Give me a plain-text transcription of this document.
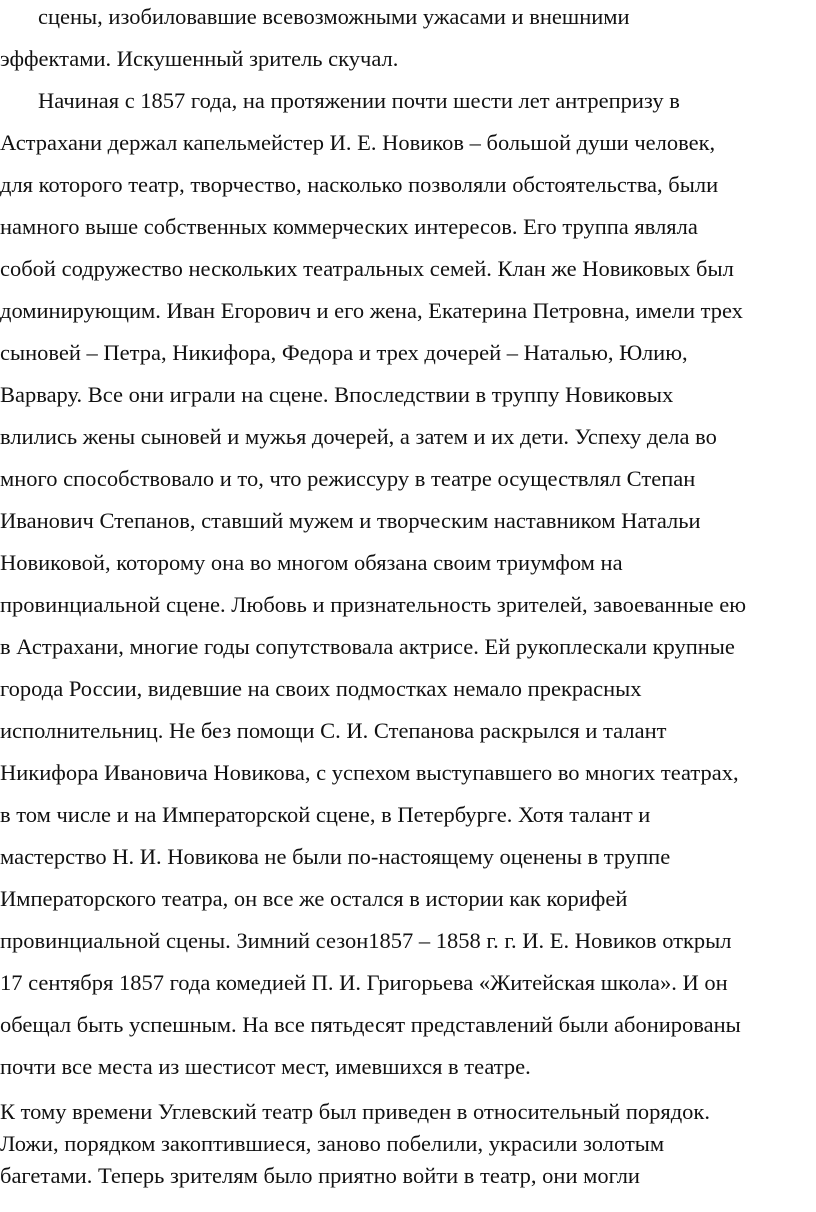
сцены, изобиловавшие всевозможными ужасами и внешними
эффектами. Искушенный зритель скучал.
Начиная с 1857 года, на протяжении почти шести лет антрепризу в
Астрахани держал капельмейстер И. Е. Новиков – большой души человек,
для которого театр, творчество, насколько позволяли обстоятельства, были
намного выше собственных коммерческих интересов. Его труппа являла
собой содружество нескольких театральных семей. Клан же Новиковых был
доминирующим. Иван Егорович и его жена, Екатерина Петровна, имели трех
сыновей – Петра, Никифора, Федора и трех дочерей – Наталью, Юлию,
Варвару. Все они играли на сцене. Впоследствии в труппу Новиковых
влились жены сыновей и мужья дочерей, а затем и их дети. Успеху дела во
много способствовало и то, что режиссуру в театре осуществлял Степан
Иванович Степанов, ставший мужем и творческим наставником Натальи
Новиковой, которому она во многом обязана своим триумфом на
провинциальной сцене. Любовь и признательность зрителей, завоеванные ею
в Астрахани, многие годы сопутствовала актрисе. Ей рукоплескали крупные
города России, видевшие на своих подмостках немало прекрасных
исполнительниц. Не без помощи С. И. Степанова раскрылся и талант
Никифора Ивановича Новикова, с успехом выступавшего во многих театрах,
в том числе и на Императорской сцене, в Петербурге. Хотя талант и
мастерство Н. И. Новикова не были по-настоящему оценены в труппе
Императорского театра, он все же остался в истории как корифей
провинциальной сцены. Зимний сезон1857 – 1858 г. г. И. Е. Новиков открыл
17 сентября 1857 года комедией П. И. Григорьева «Житейская школа». И он
обещал быть успешным. На все пятьдесят представлений были абонированы
почти все места из шестисот мест, имевшихся в театре.
К тому времени Углевский театр был приведен в относительный порядок.
Ложи, порядком закоптившиеся, заново побелили, украсили золотым
багетами. Теперь зрителям было приятно войти в театр, они могли
